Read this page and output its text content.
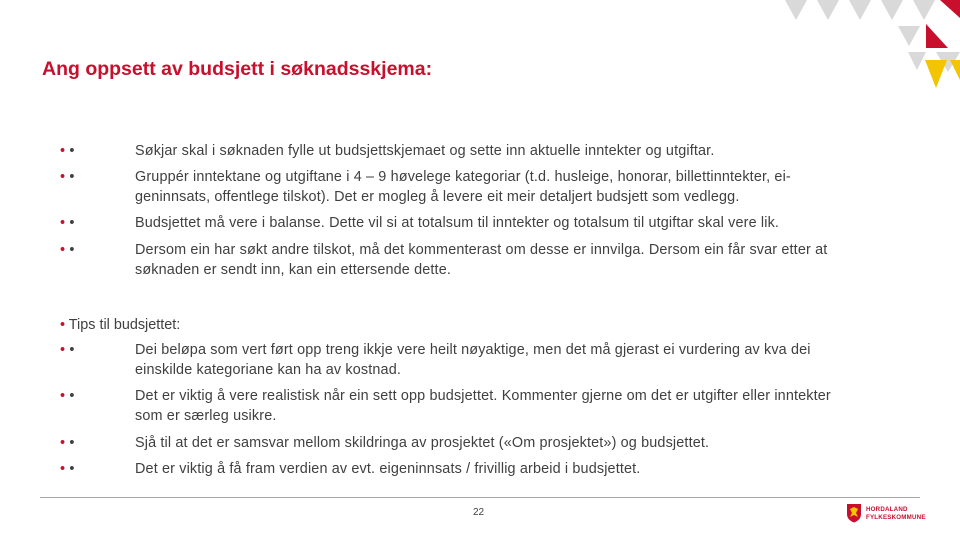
Ang oppsett av budsjett i søknadsskjema:
• •	Søkjar skal i søknaden fylle ut budsjettskjemaet og sette inn aktuelle inntekter og utgiftar.
• •	Gruppér inntektane og utgiftane i 4 – 9 høvelege kategoriar (t.d. husleige, honorar, billettinntekter, ei-
geninnsats, offentlege tilskot). Det er mogleg å levere eit meir detaljert budsjett som vedlegg.
• •	Budsjettet må vere i balanse. Dette vil si at totalsum til inntekter og totalsum til utgiftar skal vere lik.
• •	Dersom ein har søkt andre tilskot, må det kommenterast om desse er innvilga. Dersom ein får svar etter at
søknaden er sendt inn, kan ein ettersende dette.
• Tips til budsjettet:
• •	Dei beløpa som vert ført opp treng ikkje vere heilt nøyaktige, men det må gjerast ei vurdering av kva dei
einskilde kategoriane kan ha av kostnad.
• •	Det er viktig å vere realistisk når ein sett opp budsjettet. Kommenter gjerne om det er utgifter eller inntekter
som er særleg usikre.
• •	Sjå til at det er samsvar mellom skildringa av prosjektet («Om prosjektet») og budsjettet.
• •	Det er viktig å få fram verdien av evt. eigeninnsats / frivillig arbeid i budsjettet.
22	HORDALAND
FYLKESKOMMUNE
